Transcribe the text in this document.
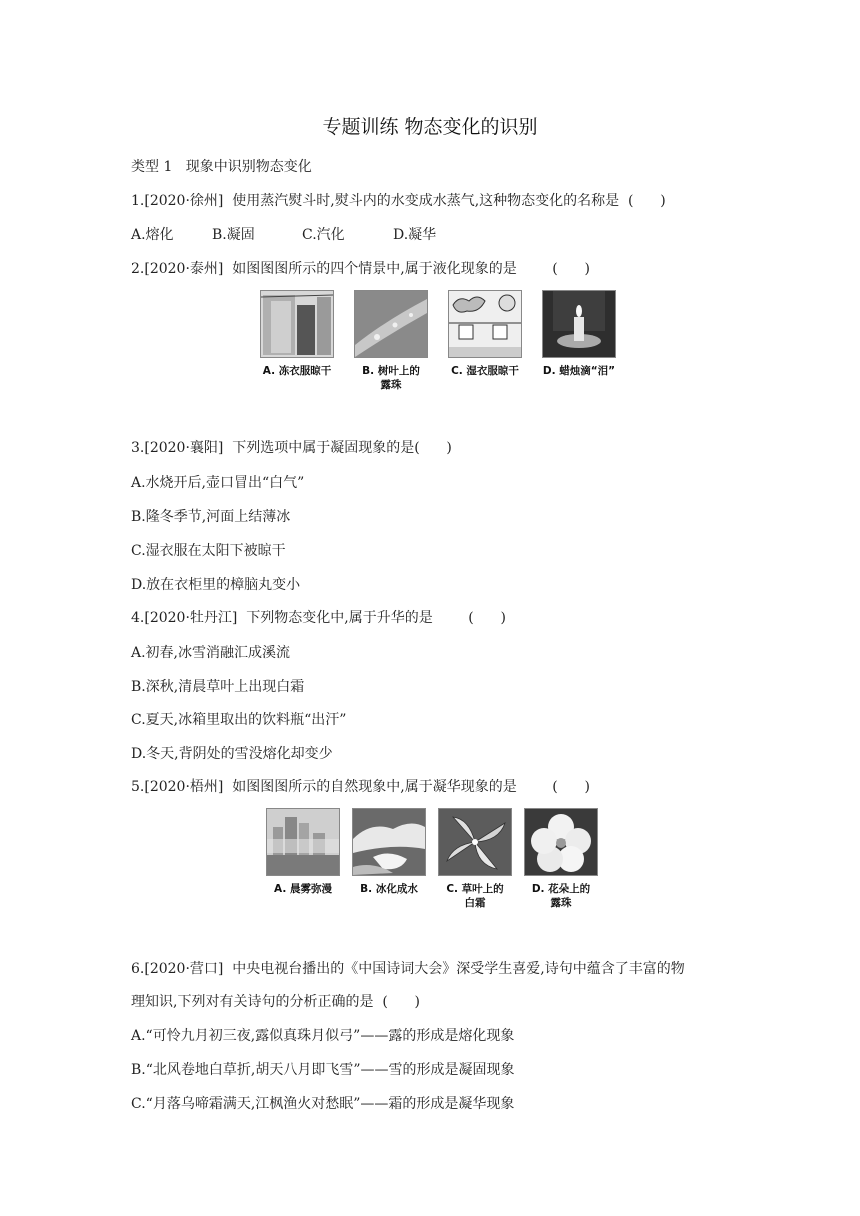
专题训练 物态变化的识别
类型 1   现象中识别物态变化
1.[2020·徐州]  使用蒸汽熨斗时,熨斗内的水变成水蒸气,这种物态变化的名称是  (      )
A.熔化	B.凝固	C.汽化	D.凝华
2.[2020·泰州]  如图图图所示的四个情景中,属于液化现象的是        (      )
A. 冻衣服晾干	B. 树叶上的
露珠
C. 湿衣服晾干 D. 蜡烛滴“泪”
3.[2020·襄阳]  下列选项中属于凝固现象的是(      )
A.水烧开后,壶口冒出“白气”
B.隆冬季节,河面上结薄冰
C.湿衣服在太阳下被晾干
D.放在衣柜里的樟脑丸变小
4.[2020·牡丹江]  下列物态变化中,属于升华的是        (      )
A.初春,冰雪消融汇成溪流
B.深秋,清晨草叶上出现白霜
C.夏天,冰箱里取出的饮料瓶“出汗”
D.冬天,背阴处的雪没熔化却变少
5.[2020·梧州]  如图图图所示的自然现象中,属于凝华现象的是        (      )
A. 晨雾弥漫	B. 冰化成水	C. 草叶上的
白霜
D. 花朵上的
露珠
6.[2020·营口]  中央电视台播出的《中国诗词大会》深受学生喜爱,诗句中蕴含了丰富的物
理知识,下列对有关诗句的分析正确的是  (      )
A.“可怜九月初三夜,露似真珠月似弓”——露的形成是熔化现象
B.“北风卷地白草折,胡天八月即飞雪”——雪的形成是凝固现象
C.“月落乌啼霜满天,江枫渔火对愁眠”——霜的形成是凝华现象
